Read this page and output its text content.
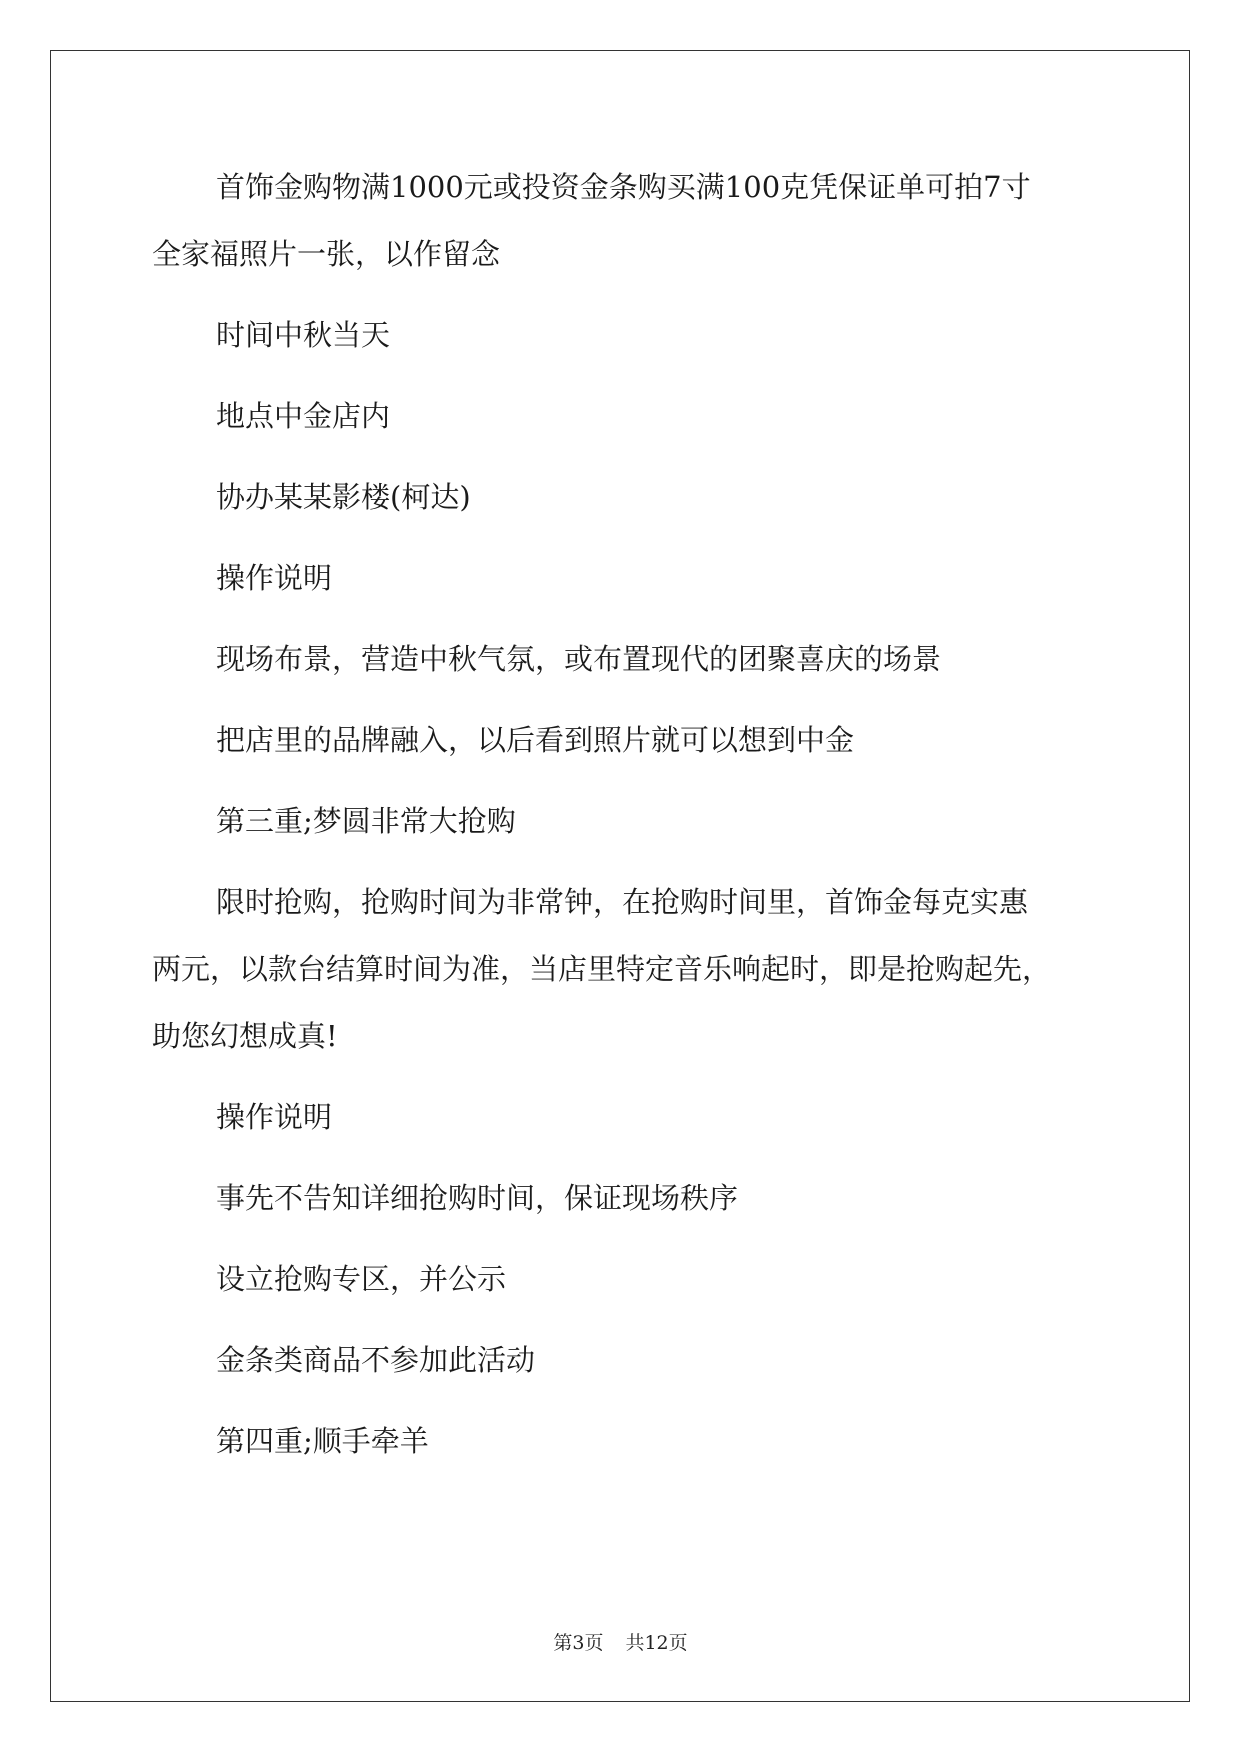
首饰金购物满1000元或投资金条购买满100克凭保证单可拍7寸
全家福照片一张，以作留念
时间中秋当天
地点中金店内
协办某某影楼(柯达)
操作说明
现场布景，营造中秋气氛，或布置现代的团聚喜庆的场景
把店里的品牌融入，以后看到照片就可以想到中金
第三重;梦圆非常大抢购
限时抢购，抢购时间为非常钟，在抢购时间里，首饰金每克实惠
两元，以款台结算时间为准，当店里特定音乐响起时，即是抢购起先，
助您幻想成真!
操作说明
事先不告知详细抢购时间，保证现场秩序
设立抢购专区，并公示
金条类商品不参加此活动
第四重;顺手牵羊
第3页 共12页
